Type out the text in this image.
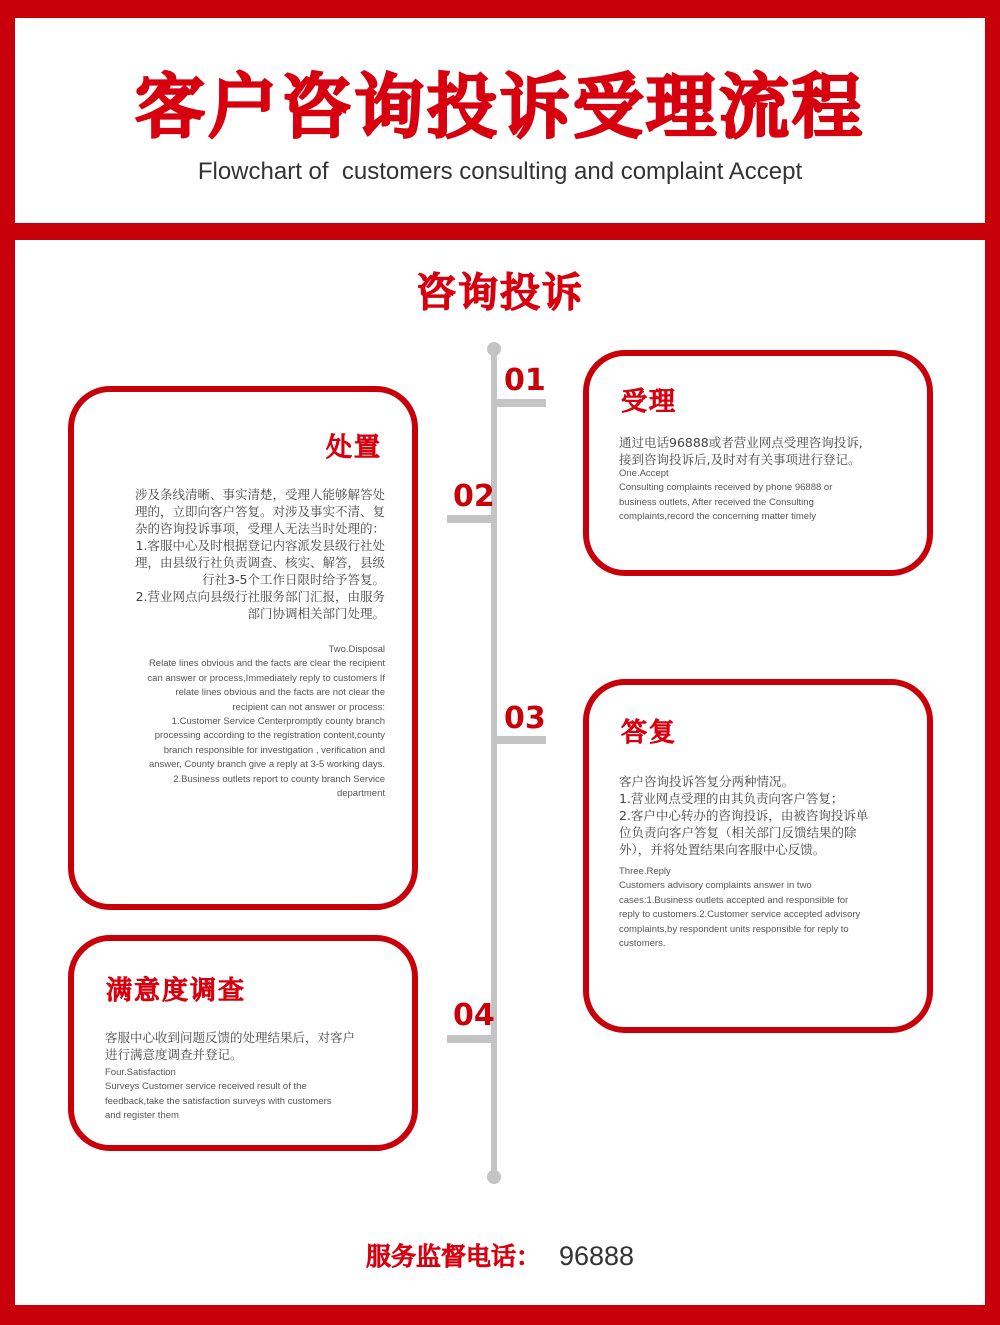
客户咨询投诉受理流程
Flowchart of  customers consulting and complaint Accept
咨询投诉
01
02
03
04
受理

通过电话96888或者营业网点受理咨询投诉,
接到咨询投诉后,及时对有关事项进行登记。

One.Accept
Consulting complaints received by phone 96888 or
business outlets, After received the Consulting
complaints,record the concerning matter timely

处置

涉及条线清晰、事实清楚，受理人能够解答处
理的，立即向客户答复。对涉及事实不清、复
杂的咨询投诉事项，受理人无法当时处理的：
1.客服中心及时根据登记内容派发县级行社处
理，由县级行社负责调查、核实、解答，县级
行社3-5个工作日限时给予答复。
2.营业网点向县级行社服务部门汇报，由服务
部门协调相关部门处理。

Two.Disposal
Relate lines obvious and the facts are clear the recipient
can answer or process,Immediately reply to customers If
relate lines obvious and the facts are not clear the
recipient can not answer or process:
1.Customer Service Centerpromptly county branch
processing according to the registration content,county
branch responsible for investigation , verification and
answer, County branch give a reply at 3-5 working days.
2.Business outlets report to county branch Service
department

答复

客户咨询投诉答复分两种情况。
1.营业网点受理的由其负责向客户答复；
2.客户中心转办的咨询投诉，由被咨询投诉单
位负责向客户答复（相关部门反馈结果的除
外），并将处置结果向客服中心反馈。

Three.Reply
Customers advisory complaints answer in two
cases:1.Business outlets accepted and responsible for
reply to customers.2.Customer service accepted advisory
complaints,by respondent units responsible for reply to
customers.

满意度调查

客服中心收到问题反馈的处理结果后，对客户
进行满意度调查并登记。

Four.Satisfaction
Surveys Customer service received result of the
feedback,take the satisfaction surveys with customers
and register them

服务监督电话： 96888
